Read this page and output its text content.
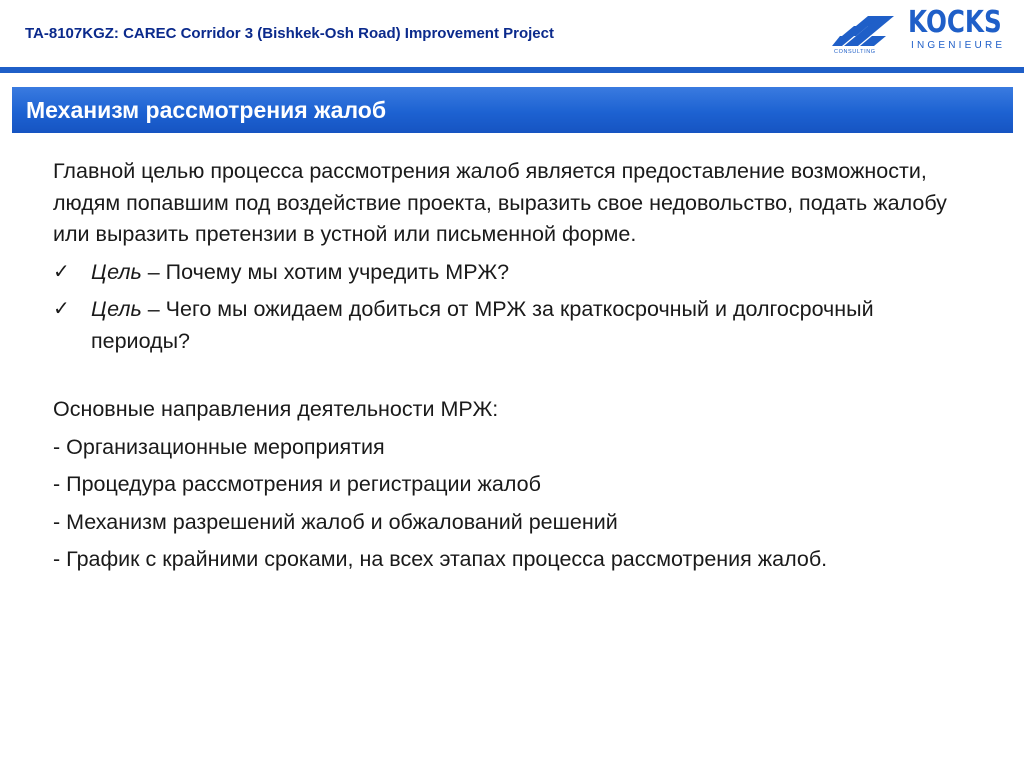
TA-8107KGZ: CAREC Corridor 3 (Bishkek-Osh Road) Improvement Project
CONSULTING
KOCKS
INGENIEURE
Механизм рассмотрения жалоб

Главной целью процесса рассмотрения жалоб является предоставление возможности, людям попавшим под воздействие проекта, выразить свое недовольство, подать жалобу или выразить претензии в устной или письменной форме.

✓ Цель – Почему мы хотим учредить МРЖ?
✓ Цель – Чего мы ожидаем добиться от МРЖ за краткосрочный и долгосрочный периоды?

Основные направления деятельности МРЖ:

- Организационные мероприятия

- Процедура рассмотрения и регистрации жалоб

- Механизм разрешений жалоб и обжалований решений

- График с крайними сроками, на всех этапах процесса рассмотрения жалоб.
